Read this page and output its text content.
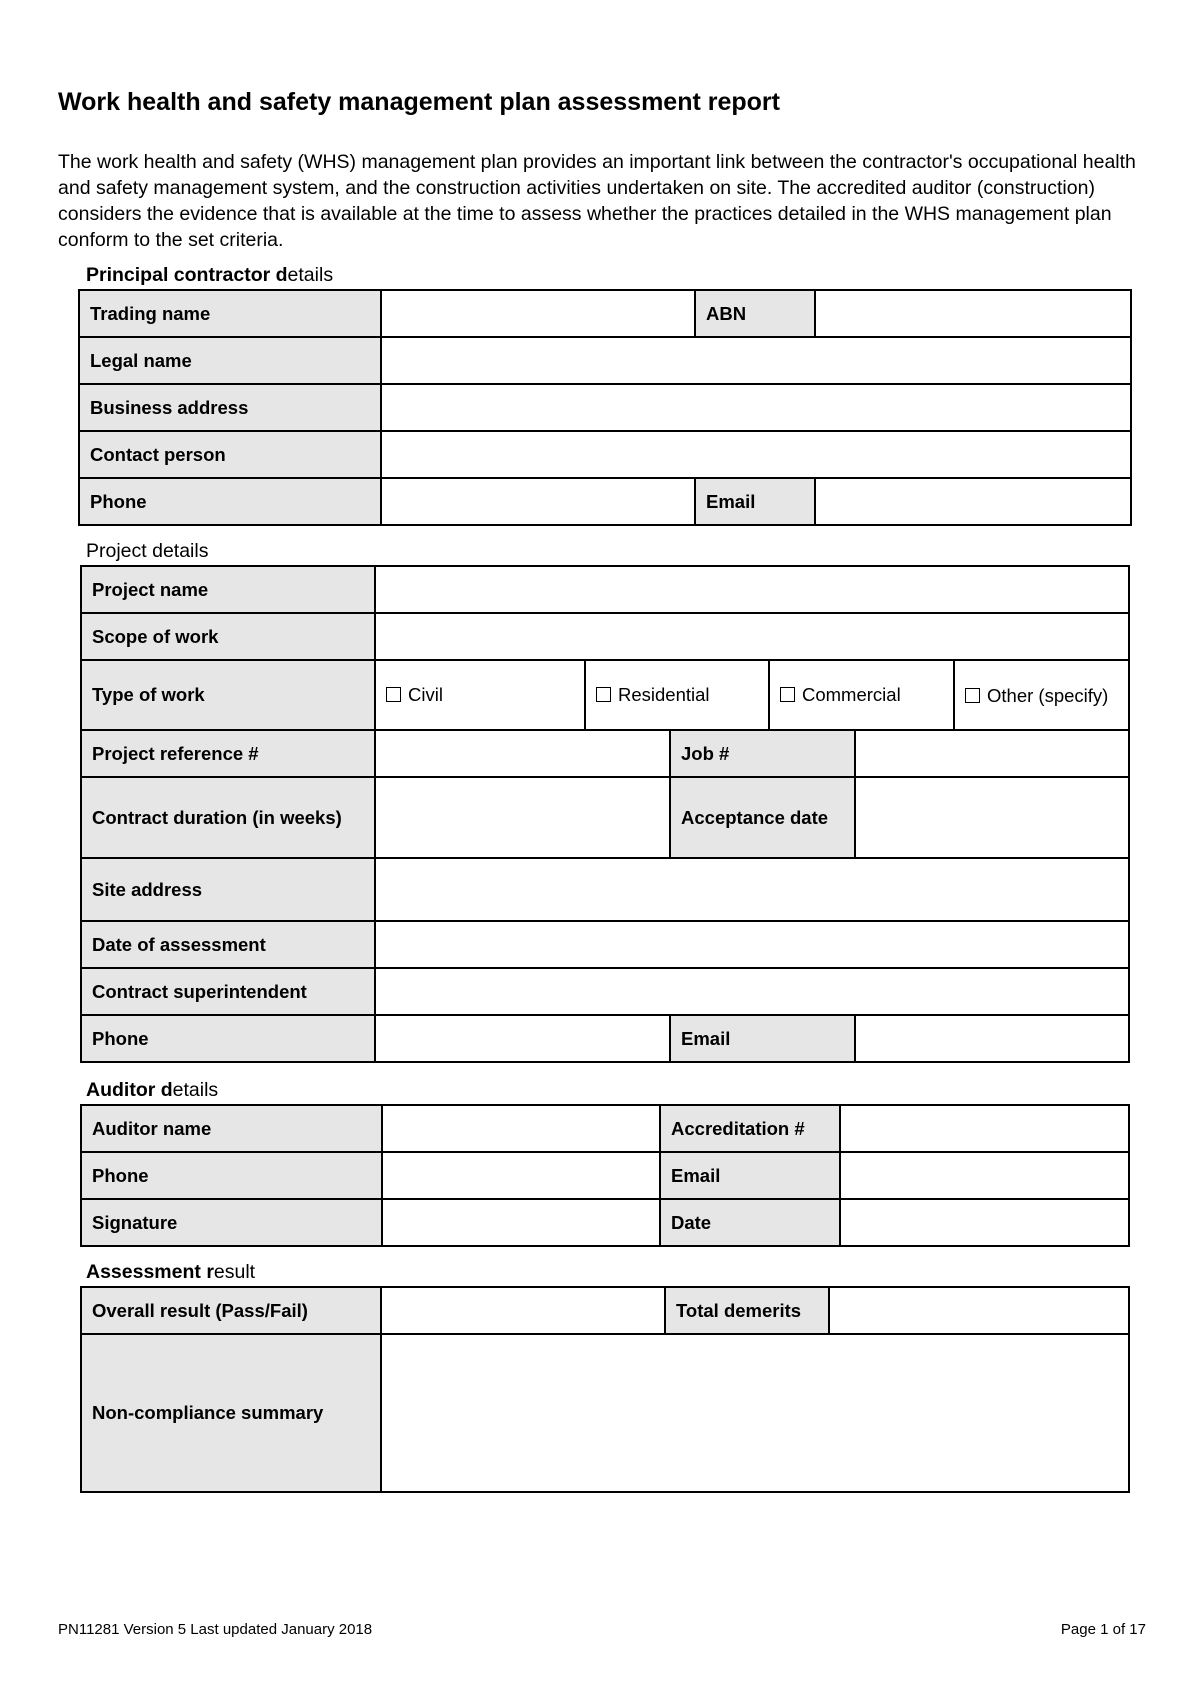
Work health and safety management plan assessment report

The work health and safety (WHS) management plan provides an important link between the contractor's occupational health and safety management system, and the construction activities undertaken on site. The accredited auditor (construction) considers the evidence that is available at the time to assess whether the practices detailed in the WHS management plan conform to the set criteria.

Principal contractor details
Trading name		ABN	
Legal name			
Business address			
Contact person			
Phone		Email	
Project details
Project name						
Scope of work						
Type of work	Civil	Residential		Commercial		Other (specify)
Project reference #			Job #			
Contract duration (in weeks)			Acceptance date			
Site address						
Date of assessment						
Contract superintendent						
Phone			Email			
Auditor details
Auditor name		Accreditation #	
Phone		Email	
Signature		Date	
Assessment result
Overall result (Pass/Fail)		Total demerits	
Non-compliance summary			
PN11281 Version 5 Last updated January 2018	Page 1 of 17
